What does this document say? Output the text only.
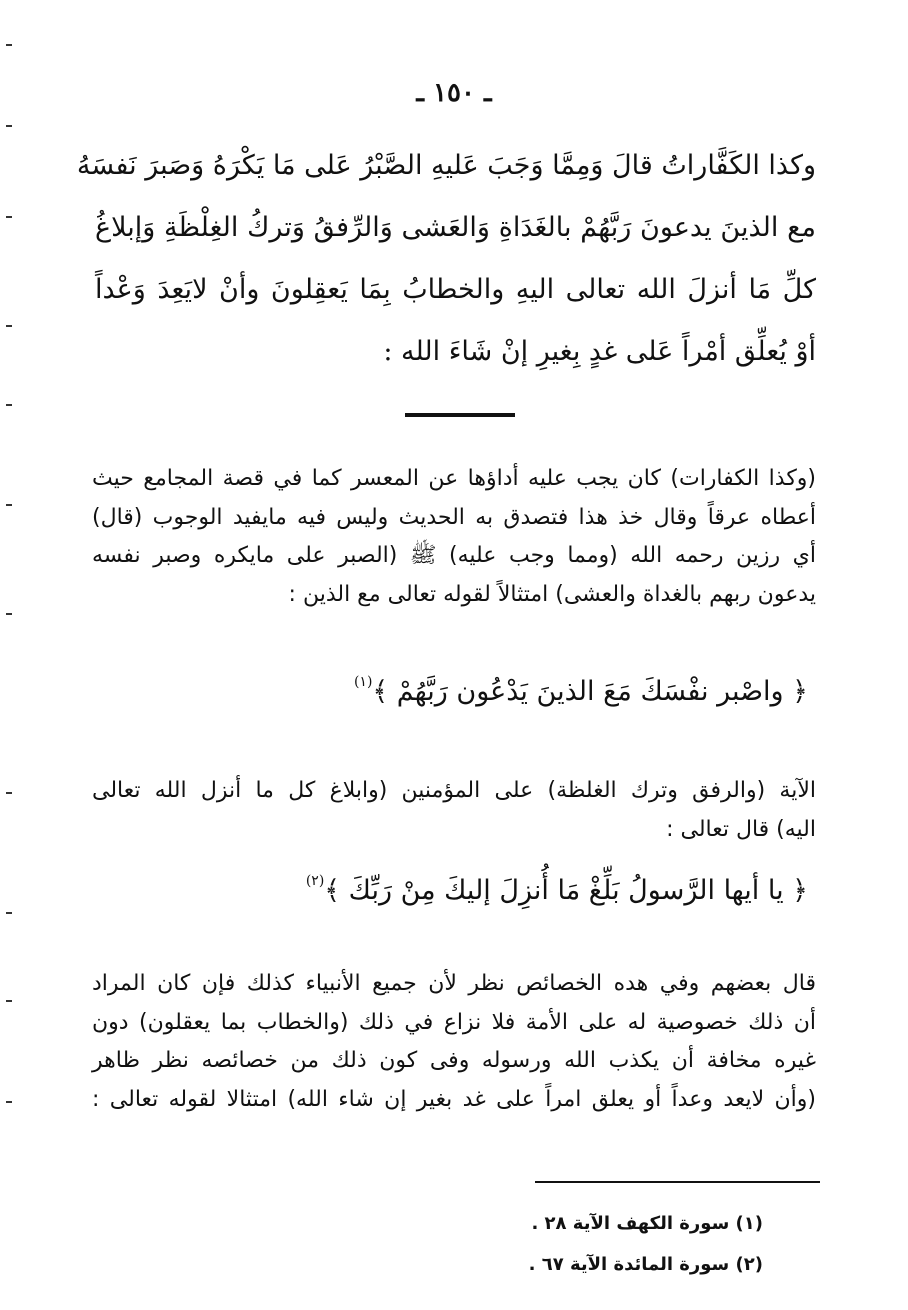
ـ ١٥٠ ـ
وكذا الكَفَّاراتُ قالَ وَمِمَّا وَجَبَ عَليهِ الصَّبْرُ عَلى مَا يَكْرَهُ وَصَبرَ نَفسَهُ
مع الذينَ يدعونَ رَبَّهُمْ بالغَدَاةِ وَالعَشى وَالرِّفقُ وَتركُ الغِلْظَةِ وَإبلاغُ
كلِّ مَا أنزلَ الله تعالى اليهِ والخطابُ بِمَا يَعقِلونَ وأنْ لايَعِدَ وَعْداً
أوْ يُعلِّق أمْراً عَلى غدٍ بِغيرِ إنْ شَاءَ الله :
(وكذا الكفارات) كان يجب عليه أداؤها عن المعسر كما في قصة المجامع حيث
أعطاه عرقاً وقال خذ هذا فتصدق به الحديث وليس فيه مايفيد الوجوب (قال)
أي رزين رحمه الله (ومما وجب عليه) ﷺ (الصبر على مايكره وصبر نفسه
يدعون ربهم بالغداة والعشى) امتثالاً لقوله تعالى مع الذين :
﴿ واصْبر نفْسَكَ مَعَ الذينَ يَدْعُون رَبَّهُمْ ﴾$^{(١)}$
الآية (والرفق وترك الغلظة) على المؤمنين (وابلاغ كل ما أنزل الله تعالى
اليه) قال تعالى :
﴿ يا أيها الرَّسولُ بَلِّغْ مَا أُنزِلَ إليكَ مِنْ رَبِّكَ ﴾$^{(٢)}$
قال بعضهم وفي هده الخصائص نظر لأن جميع الأنبياء كذلك فإن كان المراد
أن ذلك خصوصية له على الأمة فلا نزاع في ذلك (والخطاب بما يعقلون) دون
غيره مخافة أن يكذب الله ورسوله وفى كون ذلك من خصائصه نظر ظاهر
(وأن لايعد وعداً أو يعلق امراً على غد بغير إن شاء الله) امتثالا لقوله تعالى :
(١) سورة الكهف الآية ٢٨ .
(٢) سورة المائدة الآية ٦٧ .
